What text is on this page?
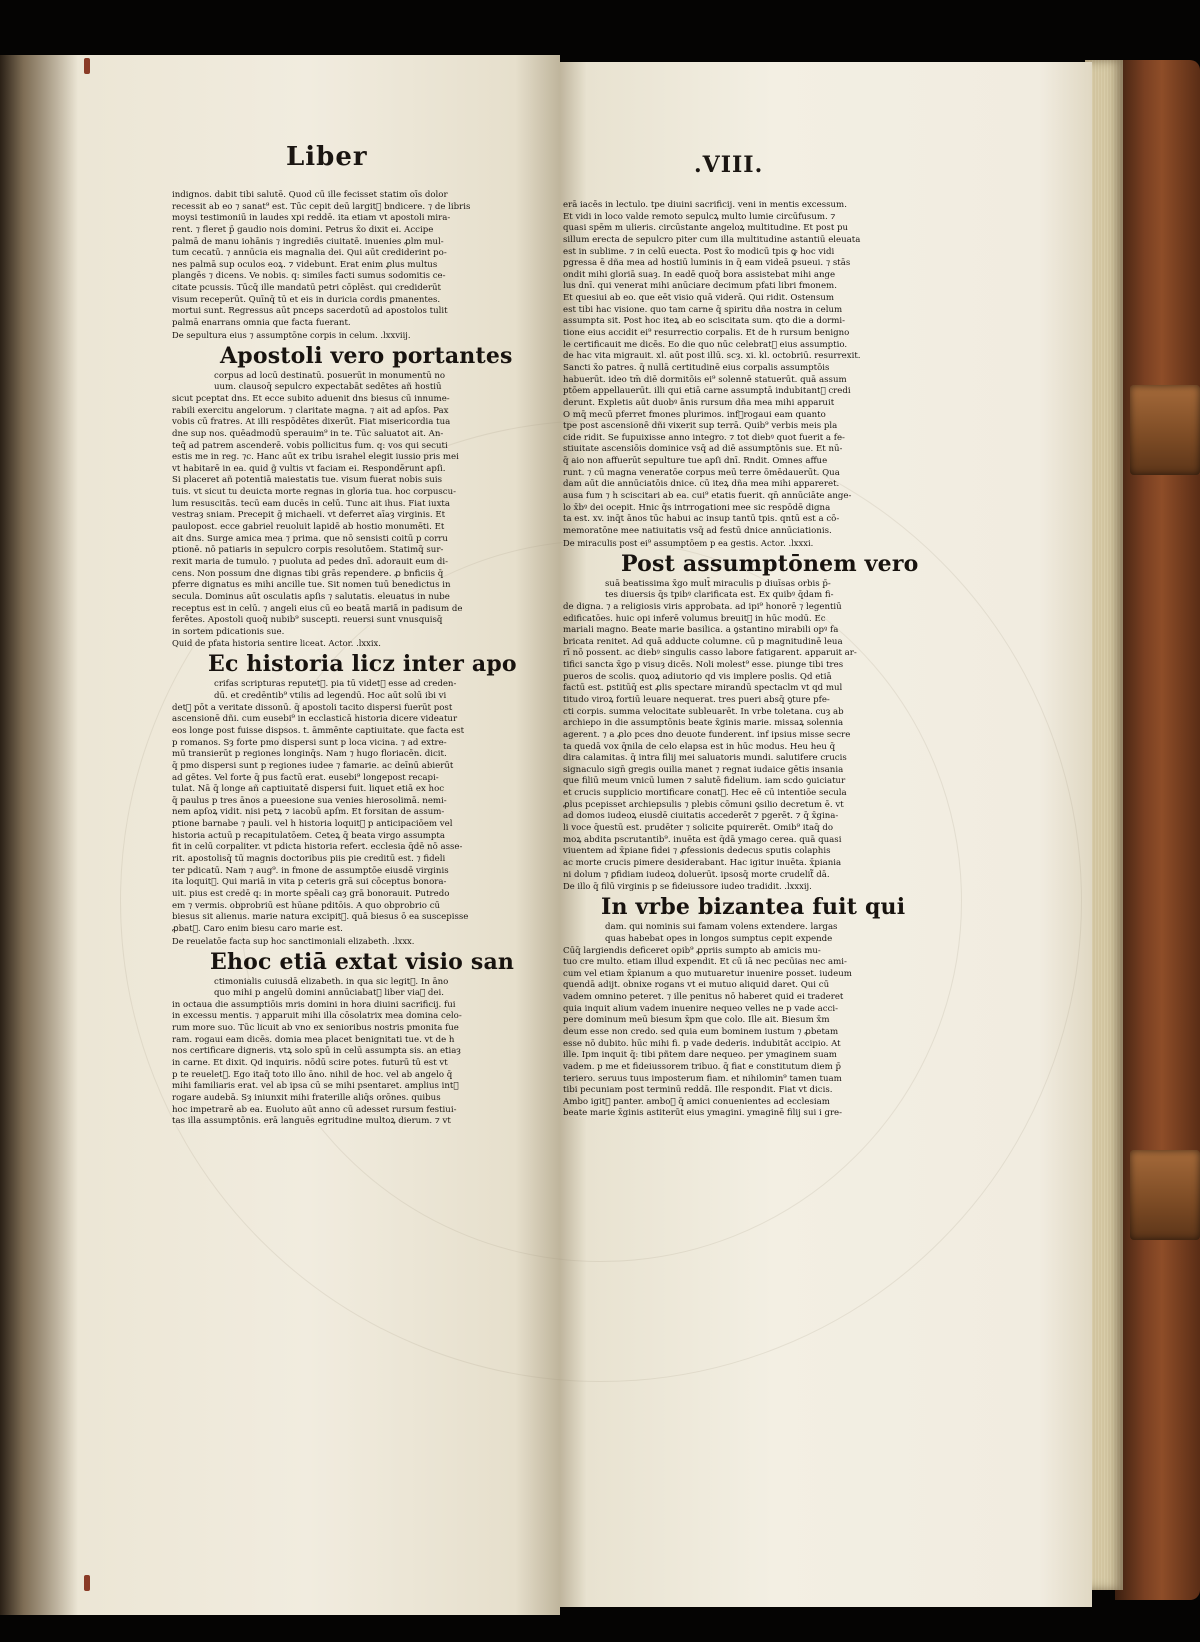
Liber	.VIII.
indignos. dabit tibi salutē. Quod cū ille fecisset statim oīs dolor
recessit ab eo ⁊ sanat⁹ est. Tūc cepit deū largit᷑ bndicere. ⁊ de libris
moysi testimoniū in laudes xpi reddē. ita etiam vt apostoli mira-
rent. ⁊ fleret p̄ gaudio nois domini. Petrus x̄o dixit ei. Accipe
palmā de manu iohānis ⁊ ingrediēs ciuitatē. inuenies ꝓlm mul-
tum cecatū. ⁊ annūcia eis magnalia dei. Qui aūt crediderint po-
nes palmā sup oculos eoꝝ. ⁊ videbunt. Erat enim ꝓlus multus
plangēs ⁊ dicens. Ve nobis. q: similes facti sumus sodomitis ce-
citate pcussis. Tūcq̄ ille mandatū petri cōplēst. qui crediderūt
visum receperūt. Quīnq̄ tū et eis in duricia cordis ꝑmanentes.
mortui sunt. Regressus aūt pnceps sacerdotū ad apostolos tulit
palmā enarrans omnia que facta fuerant.
De sepultura eius ⁊ assumptōne corpis in celum. .lxxviij.
Apostoli vero portantes
corpus ad locū destinatū. posuerūt in monumentū no
uum. clausoq̄ sepulcro expectabāt sedētes añ hostiū
sicut pceptat dns. Et ecce subito aduenit dns biesus cū innume-
rabili exercitu angelorum. ⁊ claritate magna. ⁊ ait ad apſos. Pax
vobis cū fratres. At illi respōdētes dixerūt. Fiat misericordia tua
dne sup nos. quēadmodū sperauim⁹ in te. Tūc saluatot ait. An-
teq̄ ad patrem ascenderē. vobis pollicitus fum. q: vos qui secuti
estis me in reg. ⁊c. Hanc aūt ex tribu israhel elegit iussio pris mei
vt habitarē in ea. quid g̃ vultis vt faciam ei. Respondērunt apſi.
Si placeret añ potentiā maiestatis tue. visum fuerat nobis suis
tuis. vt sicut tu deuicta morte regnas in gloria tua. hoc corpuscu-
lum resuscitās. tecū eam ducēs in celū. Tunc ait ihus. Fiat iuxta
vestraȝ sniam. Precepit ḡ michaeli. vt deferret aīaȝ virginis. Et
paulopost. ecce gabriel reuoluit lapidē ab hostio monumēti. Et
ait dns. Surge amica mea ⁊ prima. que nō sensisti coitū p corru
ptionē. nō patiaris in sepulcro corpis resolutōem. Statimq̄ sur-
rexit maria de tumulo. ⁊ puoluta ad pedes dnī. adorauit eum di-
cens. Non possum dne dignas tibi grās rependere. ꝓ bnficiis q̄
pferre dignatus es mihi ancille tue. Sit nomen tuū benedictus in
secula. Dominus aūt osculatis apſis ⁊ salutatis. eleuatus in nube
receptus est in celū. ⁊ angeli eius cū eo beatā mariā in padisum de
ferētes. Apostoli quoq̄ nubib⁹ suscepti. reuersi sunt vnusquisq̄
in sortem pdicationis sue.
Quid de pfata historia sentire liceat. Actor. .lxxix.
Ec historia licz inter apo
crifas scripturas reputet᷑. pia tū videt᷑ esse ad creden-
dū. et credēntib⁹ vtilis ad legendū. Hoc aūt solū ibi vi
det᷑ pōt a veritate dissonū. q̄ apostoli tacito dispersi fuerūt post
ascensionē dñi. cum eusebi⁹ in ecclasticā historia dicere videatur
eos longe post fuisse dispsos. t. āmmēnte captiuitate. que facta est
p romanos. Sȝ forte pmo dispersi sunt p loca vicina. ⁊ ad extre-
mū transierūt p regiones longinq̄s. Nam ⁊ hugo floriacēn. dicit.
q̄ pmo dispersi sunt p regiones iudee ⁊ famarie. ac deīnū abierūt
ad gētes. Vel forte q̄ pus factū erat. eusebi⁹ longepost recapi-
tulat. Nā q̄ longe añ captiuitatē dispersi fuit. liquet etiā ex hoc
q̄ paulus p tres ānos a pueesione sua venies hierosolimā. nemi-
nem apſoꝝ vidit. nisi petꝝ ⁊ iacobū apſm. Et forsitan de assum-
ptione barnabe ⁊ pauli. vel h historia loquit᷑ p anticipaciōem vel
historia actuū p recapitulatōem. Ceteꝝ q̄ beata virgo assumpta
fit in celū corpaliter. vt pdicta historia refert. ecclesia q̄dē nō asse-
rit. apostolisq̄ tū magnis doctoribus piis pie creditū est. ⁊ fideli
ter pdicatū. Nam ⁊ aug⁹. in fmone de assumptōe eiusdē virginis
ita loquit᷑. Qui mariā in vita p ceteris grā sui cōceptus bonora-
uit. pius est credē q: in morte spēali caȝ grā bonorauit. Putredo
em ⁊ vermis. obprobriū est hūane pditōis. A quo obprobrio cū
biesus sit alienus. marie natura excipit᷑. quā biesus ō ea suscepisse
ꝓbat᷑. Caro enim biesu caro marie est.
De reuelatōe facta sup hoc sanctimoniali elizabeth. .lxxx.
Ehoc etiā extat visio san
ctimonialis cuiusdā elizabeth. in qua sic legit᷑. In āno
quo mihi p angelū domini annūciabat᷑ liber viaꝝ dei.
in octaua die assumptiōis mris domini in hora diuini sacrificij. fui
in excessu mentis. ⁊ apparuit mihi illa cōsolatrix mea domina celo-
rum more suo. Tūc licuit ab vno ex senioribus nostris pmonita fue
ram. rogaui eam dicēs. domia mea placet benignitati tue. vt de h
nos certificare digneris. vtꝝ solo spū in celū assumpta sis. an etiaȝ
in carne. Et dixit. Qd inquiris. nōdū scire potes. futurū tū est vt
p te reuelet᷑. Ego itaq̄ toto illo āno. nihil de hoc. vel ab angelo q̄
mihi familiaris erat. vel ab ipsa cū se mihi psentaret. amplius int᷑
rogare audebā. Sȝ iniunxit mihi fraterille aliq̄s orōnes. quibus
hoc impetrarē ab ea. Euoluto aūt anno cū adesset rursum festiui-
tas illa assumptōnis. erā languēs egritudine multoꝝ dierum. ⁊ vt
erā iacēs in lectulo. tpe diuini sacrificij. veni in mentis excessum.
Et vidi in loco valde remoto sepulcꝝ multo lumie circūfusum. ⁊
quasi spēm m ulieris. circūstante angeloꝝ multitudine. Et post pu
sillum erecta de sepulcro piter cum illa multitudine astantiū eleuata
est in sublime. ⁊ in celū euecta. Post x̄o modicū tpis ꝙ hoc vidi
pgressa ē dña mea ad hostiū luminis in q̄ eam videā psueui. ⁊ stās
ondit mihi gloriā suaȝ. In eadē quoq̄ bora assistebat mihi ange
lus dnī. qui venerat mihi anūciare decimum pfati libri fmonem.
Et quesiui ab eo. que eēt visio quā viderā. Qui ridit. Ostensum
est tibi hac visione. quo tam carne q̄ spiritu dña nostra in celum
assumpta sit. Post hoc iteꝝ ab eo sciscitata sum. qto die a dormi-
tione eius accidit ei⁹ resurrectio corpalis. Et de h rursum benigno
le certificauit me dicēs. Eo die quo nūc celebrat᷑ eius assumptio.
de hac vita migrauit. xl. aūt post illū. scȝ. xi. kl. octobriū. resurrexit.
Sancti x̄o patres. q̄ nullā certitudinē eius corpalis assumptōis
habuerūt. ideo tm̄ diē dormitōis ei⁹ solennē statuerūt. quā assum
ptōem appellauerūt. illi qui etiā carne assumptā indubitant᷑ credi
derunt. Expletis aūt duobꝰ ānis rursum dña mea mihi apparuit
O mq̄ mecū pferret fmones plurimos. inf᷑rogaui eam quanto
tpe post ascensionē dñi vixerit sup terrā. Quib⁹ verbis meis pla
cide ridit. Se fupuixisse anno integro. ⁊ tot diebꝰ quot fuerit a fe-
stiuitate ascensiōis dominice vsq̄ ad diē assumptōnis sue. Et nū-
q̄ aio non affuerūt sepulture tue apſi dnī. Rndit. Omnes affue
runt. ⁊ cū magna veneratōe corpus meū terre ōmēdauerūt. Qua
dam aūt die annūciatōis dnice. cū iteꝝ dña mea mihi appareret.
ausa fum ⁊ h sciscitari ab ea. cui⁹ etatis fuerit. qn̄ annūciāte ange-
lo x̄bꝰ dei ocepit. Hnic q̄s intrrogationi mee sic respōdē digna
ta est. xv. inq̄t ānos tūc habui ac insup tantū tpis. qntū est a cō-
memoratōne mee natiuitatis vsq̄ ad festū dnice annūciationis.
De miraculis post ei⁹ assumptōem p ea gestis. Actor. .lxxxi.
Post assumptōnem vero
suā beatissima x̄go mult̄ miraculis p diuīsas orbis p̄-
tes diuersis q̄s tpibꝰ clarificata est. Ex quibꝰ q̄dam fi-
de digna. ⁊ a religiosis viris approbata. ad ipi⁹ honorē ⁊ legentiū
edificatōes. huic opi inferē volumus breuit᷑ in hūc modū. Ec
mariali magno. Beate marie basilica. a ꝯstantino mirabili opꝰ fa
bricata renitet. Ad quā adducte columne. cū p magnitudinē leua
rī nō possent. ac diebꝰ singulis casso labore fatigarent. apparuit ar-
tifici sancta x̄go p visuȝ dicēs. Noli molest⁹ esse. piunge tibi tres
pueros de scolis. quoꝝ adiutorio qd vis implere poslis. Qd etiā
factū est. ꝑstitūq̄ est ꝓlis spectare mirandū spectaclm vt qd mul
titudo viroꝝ fortiū leuare nequerat. tres pueri absq̄ ꝯture pfe-
cti corpis. summa velocitate subleuarēt. In vrbe toletana. cuȝ ab
archiepo in die assumptōnis beate x̄ginis marie. missaꝝ solennia
agerent. ⁊ a ꝓlo pces dno deuote funderent. inf ipsius misse secre
ta quedā vox q̄nila de celo elapsa est in hūc modus. Heu heu q̄
dira calamitas. q̄ intra filij mei saluatoris mundi. salutifere crucis
signaculo sign̄ gregis ouilia manet ⁊ regnat iudaice gētis insania
que filiū meum vnicū lumen ⁊ salutē fidelium. iam scdo ꝯuiciatur
et crucis supplicio mortificare conat᷑. Hec eē cū intentiōe secula
ꝓlus pcepisset archiepsulis ⁊ plebis cōmuni ꝯsilio decretum ē. vt
ad domos iudeoꝝ eiusdē ciuitatis accederēt ⁊ pgerēt. ⁊ q̄ x̄gina-
li voce q̄uestū est. prudēter ⁊ solicite pquirerēt. Omib⁹ itaq̄ do
moꝝ abdita pscrutantib⁹. inuēta est q̄dā ymago cerea. quā quasi
viuentem ad x̄piane fidei ⁊ ꝓfessionis dedecus sputis colaphis
ac morte crucis pimere desiderabant. Hac igitur inuēta. x̄piania
ni dolum ⁊ ꝑfidiam iudeoꝝ doluerūt. ipsosq̄ morte crudelit᷑ dā.
De illo q̄ filū virginis p se fideiussore iudeo tradidit. .lxxxij.
In vrbe bizantea fuit qui
dam. qui nominis sui famam volens extendere. largas
quas habebat opes in longos sumptus cepit expende
Cūq̄ largiendis deficeret opib⁹ ꝓpriis sumpto ab amicis mu-
tuo cre multo. etiam illud expendit. Et cū iā nec pecūias nec ami-
cum vel etiam x̄pianum a quo mutuaretur inuenire posset. iudeum
quendā adijt. obnixe rogans vt ei mutuo aliquid daret. Qui cū
vadem omnino peteret. ⁊ ille penitus nō haberet quid ei traderet
quia inquit alium vadem inuenire nequeo velles ne p vade acci-
pere dominum meū biesum x̄pm que colo. Ille ait. Biesum x̄m
deum esse non credo. sed quia eum bominem iustum ⁊ ꝓbetam
esse nō dubito. hūc mihi fi. p vade dederis. indubitāt accipio. At
ille. Ipm inquit q̄: tibi pñtem dare nequeo. per ymaginem suam
vadem. p me et fideiussorem tribuo. q̄ fiat e constitutum diem p̄
teriero. seruus tuus imposterum fiam. et nihilomin⁹ tamen tuam
tibi pecuniam post terminū reddā. Ille respondit. Fiat vt dicis.
Ambo igit᷑ panter. amboꝝ q̄ amici conuenientes ad ecclesiam
beate marie x̄ginis astiterūt eius ymagini. ymaginē filij sui i gre-
